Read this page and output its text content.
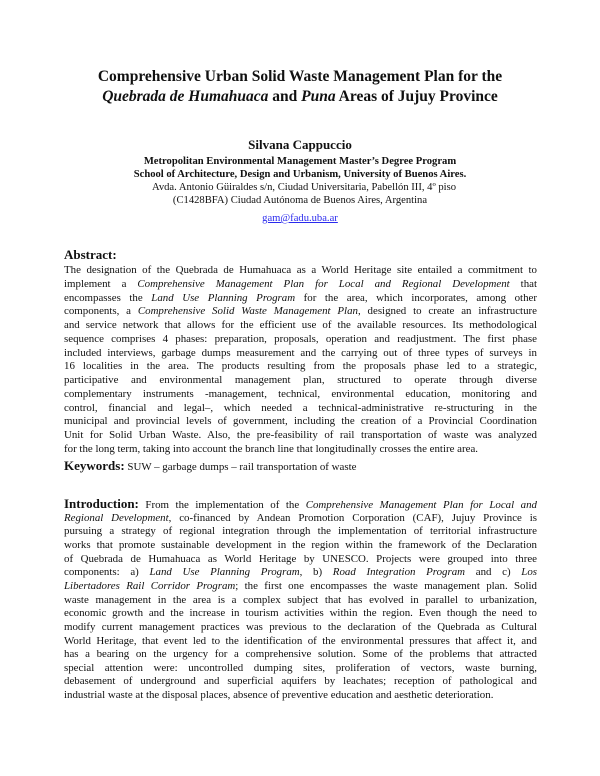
Comprehensive Urban Solid Waste Management Plan for the
Quebrada de Humahuaca and Puna Areas of Jujuy Province
Silvana Cappuccio
Metropolitan Environmental Management Master’s Degree Program
School of Architecture, Design and Urbanism, University of Buenos Aires.
Avda. Antonio Güiraldes s/n, Ciudad Universitaria, Pabellón III, 4º piso
(C1428BFA) Ciudad Autónoma de Buenos Aires, Argentina
gam@fadu.uba.ar
Abstract:
The designation of the Quebrada de Humahuaca as a World Heritage site entailed a commitment to
implement a Comprehensive Management Plan for Local and Regional Development that
encompasses the Land Use Planning Program for the area, which incorporates, among other
components, a Comprehensive Solid Waste Management Plan, designed to create an infrastructure
and service network that allows for the efficient use of the available resources. Its methodological
sequence comprises 4 phases: preparation, proposals, operation and readjustment. The first phase
included interviews, garbage dumps measurement and the carrying out of three types of surveys in
16 localities in the area. The products resulting from the proposals phase led to a strategic,
participative and environmental management plan, structured to operate through diverse
complementary instruments -management, technical, environmental education, monitoring and
control, financial and legal–, which needed a technical-administrative re-structuring in the
municipal and provincial levels of government, including the creation of a Provincial Coordination
Unit for Solid Urban Waste. Also, the pre-feasibility of rail transportation of waste was analyzed
for the long term, taking into account the branch line that longitudinally crosses the entire area.
Keywords: SUW – garbage dumps – rail transportation of waste
Introduction: From the implementation of the Comprehensive Management Plan for Local and
Regional Development, co-financed by Andean Promotion Corporation (CAF), Jujuy Province is
pursuing a strategy of regional integration through the implementation of territorial infrastructure
works that promote sustainable development in the region within the framework of the Declaration
of Quebrada de Humahuaca as World Heritage by UNESCO. Projects were grouped into three
components: a) Land Use Planning Program, b) Road Integration Program and c) Los
Libertadores Rail Corridor Program; the first one encompasses the waste management plan. Solid
waste management in the area is a complex subject that has evolved in parallel to urbanization,
economic growth and the increase in tourism activities within the region. Even though the need to
modify current management practices was previous to the declaration of the Quebrada as Cultural
World Heritage, that event led to the identification of the environmental pressures that affect it, and
has a bearing on the urgency for a comprehensive solution. Some of the problems that attracted
special attention were: uncontrolled dumping sites, proliferation of vectors, waste burning,
debasement of underground and superficial aquifers by leachates; reception of pathological and
industrial waste at the disposal places, absence of preventive education and aesthetic deterioration.
